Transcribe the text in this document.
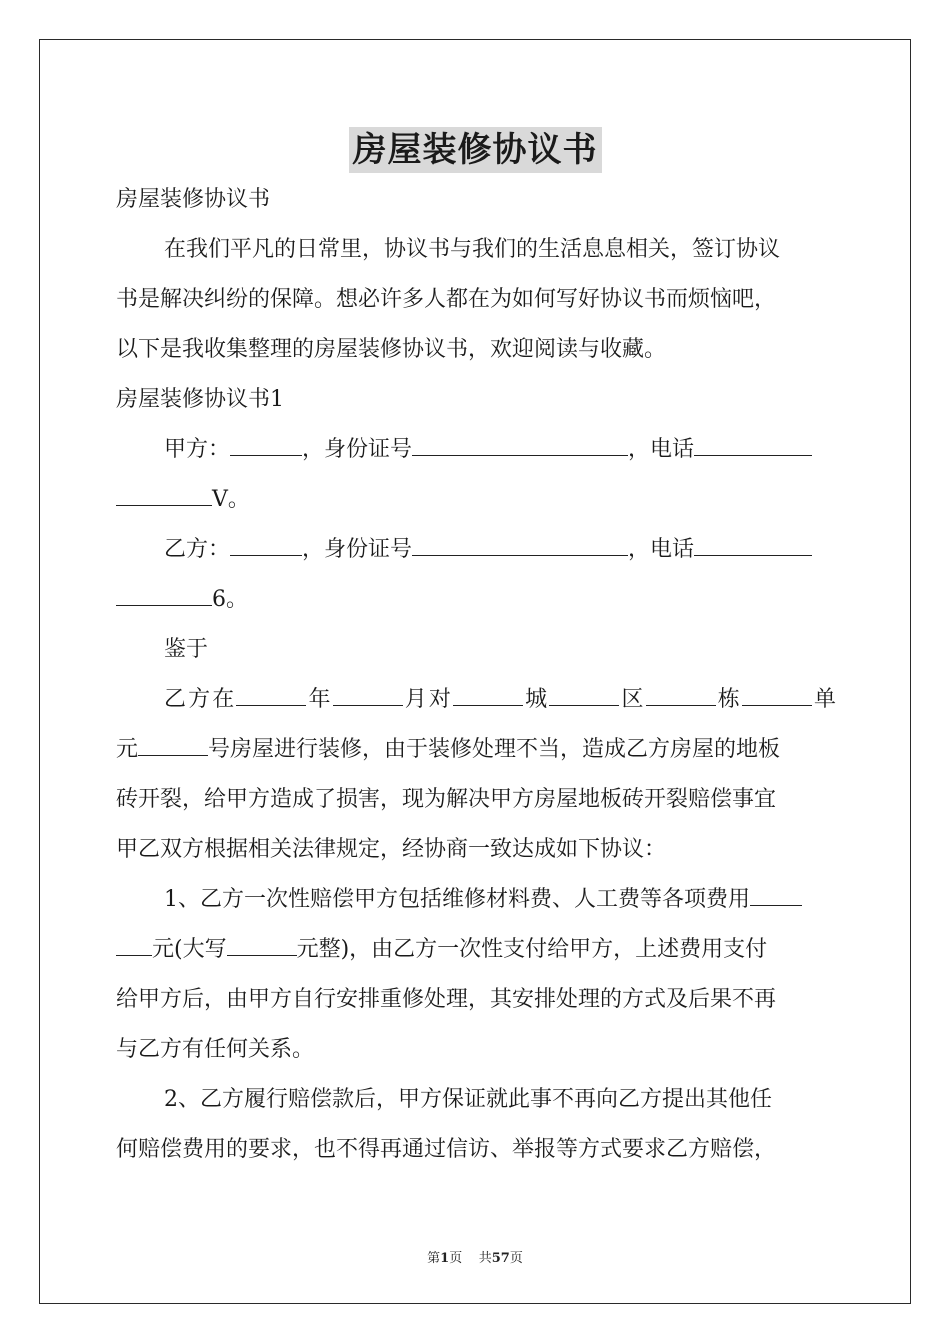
房屋装修协议书
房屋装修协议书
在我们平凡的日常里，协议书与我们的生活息息相关，签订协议
书是解决纠纷的保障。想必许多人都在为如何写好协议书而烦恼吧，
以下是我收集整理的房屋装修协议书，欢迎阅读与收藏。
房屋装修协议书1
甲方：	，身份证号	，电话
V。
乙方：	，身份证号	，电话
6。
鉴于
乙方在	年	月对	城	区	栋	单
元	号房屋进行装修，由于装修处理不当，造成乙方房屋的地板
砖开裂，给甲方造成了损害，现为解决甲方房屋地板砖开裂赔偿事宜
甲乙双方根据相关法律规定，经协商一致达成如下协议：
1、乙方一次性赔偿甲方包括维修材料费、人工费等各项费用
元(大写	元整)，由乙方一次性支付给甲方，上述费用支付
给甲方后，由甲方自行安排重修处理，其安排处理的方式及后果不再
与乙方有任何关系。
2、乙方履行赔偿款后，甲方保证就此事不再向乙方提出其他任
何赔偿费用的要求，也不得再通过信访、举报等方式要求乙方赔偿，
第1页 共57页
